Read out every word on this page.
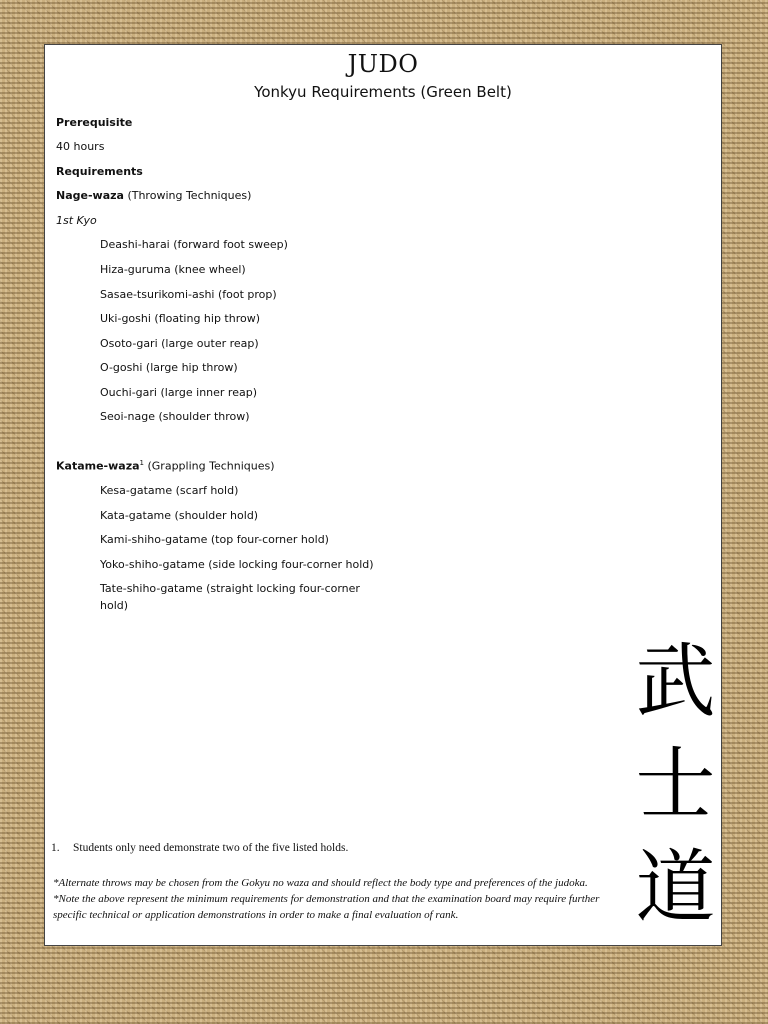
JUDO
Yonkyu Requirements (Green Belt)
Prerequisite
40 hours
Requirements
Nage-waza (Throwing Techniques)
1st Kyo
Deashi-harai (forward foot sweep)
Hiza-guruma (knee wheel)
Sasae-tsurikomi-ashi (foot prop)
Uki-goshi (floating hip throw)
Osoto-gari (large outer reap)
O-goshi (large hip throw)
Ouchi-gari (large inner reap)
Seoi-nage (shoulder throw)
Katame-waza$^1$ (Grappling Techniques)
Kesa-gatame (scarf hold)
Kata-gatame (shoulder hold)
Kami-shiho-gatame (top four-corner hold)
Yoko-shiho-gatame (side locking four-corner hold)
Tate-shiho-gatame (straight locking four-corner
hold)
武
士
道
1. Students only need demonstrate two of the five listed holds.

*Alternate throws may be chosen from the Gokyu no waza and should reflect the body type and preferences of the judoka.

*Note the above represent the minimum requirements for demonstration and that the examination board may require further specific technical or application demonstrations in order to make a final evaluation of rank.
